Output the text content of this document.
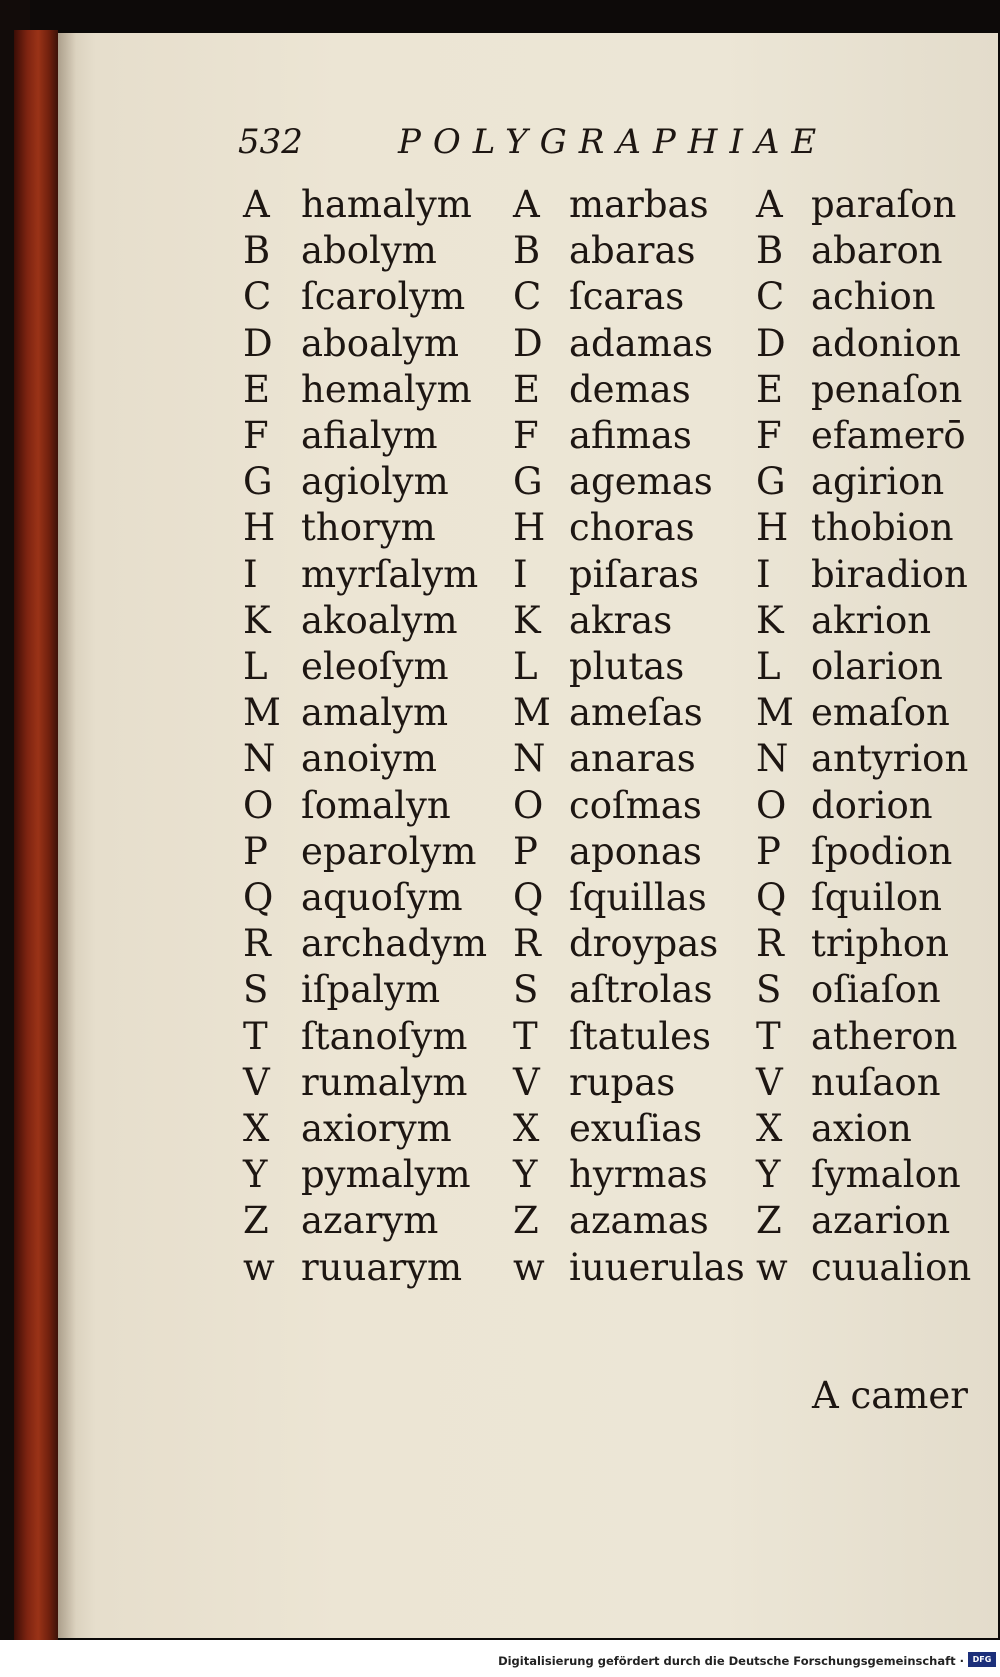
532	POLYGRAPHIAE
A hamalym
B abolym
C ſcarolym
D aboalym
E hemalym
F afialym
G agiolym
H thorym
I myrſalym
K akoalym
L eleoſym
M amalym
N anoiym
O ſomalyn
P eparolym
Q aquoſym
R archadym
S iſpalym
T ſtanoſym
V rumalym
X axiorym
Y pymalym
Z azarym
w ruuarym
A marbas
B abaras
C ſcaras
D adamas
E demas
F afimas
G agemas
H choras
I piſaras
K akras
L plutas
M ameſas
N anaras
O coſmas
P aponas
Q ſquillas
R droypas
S aſtrolas
T ſtatules
V rupas
X exuſias
Y hyrmas
Z azamas
w iuuerulas
A paraſon
B abaron
C achion
D adonion
E penaſon
F efamerō
G agirion
H thobion
I biradion
K akrion
L olarion
M emaſon
N antyrion
O dorion
P ſpodion
Q ſquilon
R triphon
S oſiaſon
T atheron
V nuſaon
X axion
Y ſymalon
Z azarion
w cuualion
A camer
Digitalisierung gefördert durch die Deutsche Forschungsgemeinschaft ·	DFG
